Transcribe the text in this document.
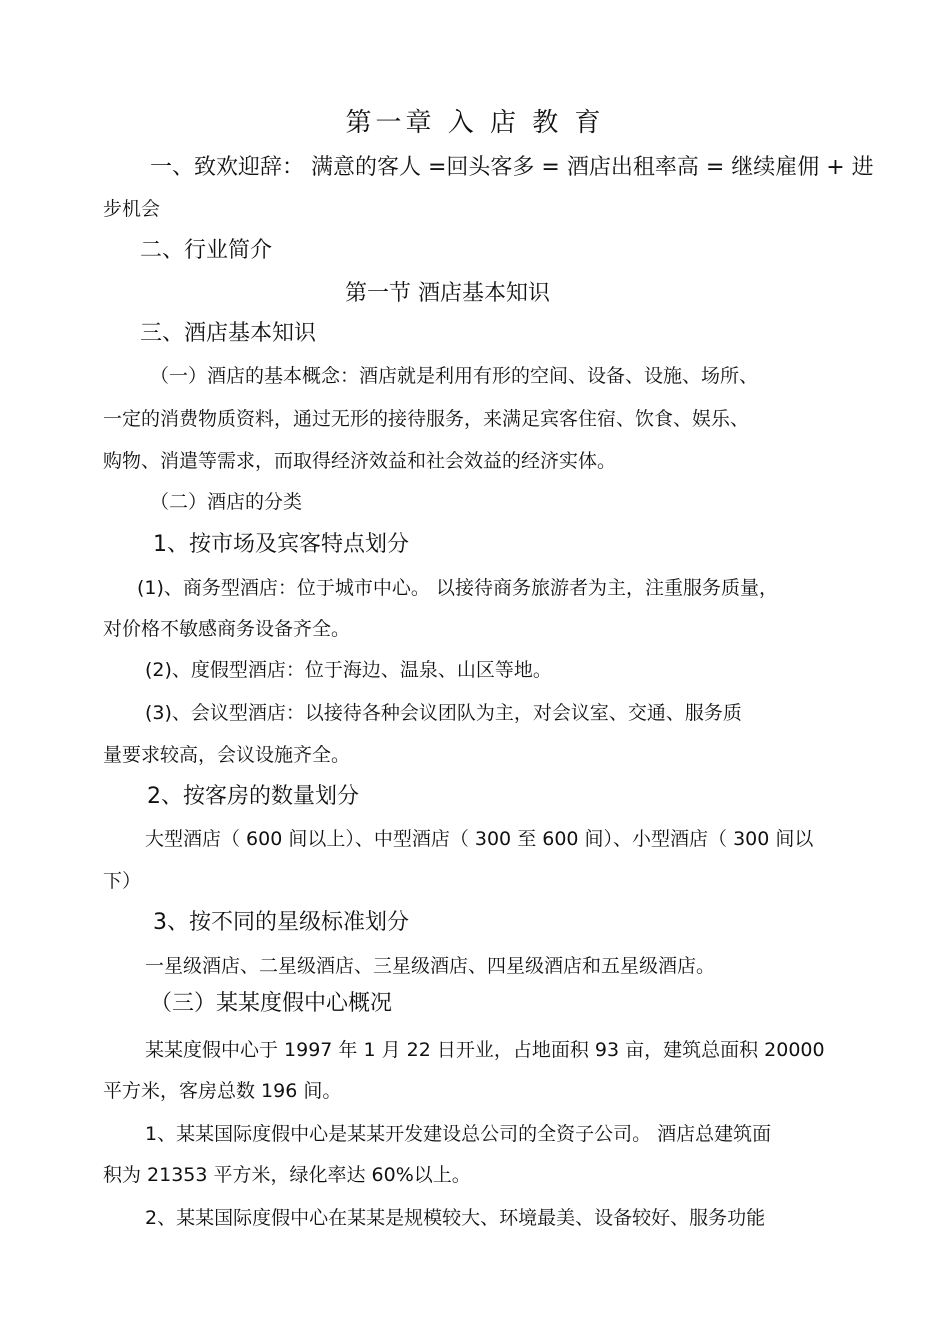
第一章 入 店 教 育
一、致欢迎辞： 满意的客人 =回头客多 = 酒店出租率高 = 继续雇佣 + 进
步机会
二、行业简介
第一节 酒店基本知识
三、酒店基本知识
（一）酒店的基本概念：酒店就是利用有形的空间、设备、设施、场所、
一定的消费物质资料，通过无形的接待服务，来满足宾客住宿、饮食、娱乐、
购物、消遣等需求，而取得经济效益和社会效益的经济实体。
（二）酒店的分类
1、按市场及宾客特点划分
(1)、商务型酒店：位于城市中心。 以接待商务旅游者为主，注重服务质量，
对价格不敏感商务设备齐全。
(2)、度假型酒店：位于海边、温泉、山区等地。
(3)、会议型酒店：以接待各种会议团队为主，对会议室、交通、服务质
量要求较高，会议设施齐全。
2、按客房的数量划分
大型酒店（ 600 间以上）、中型酒店（ 300 至 600 间）、小型酒店（ 300 间以
下）
3、按不同的星级标准划分
一星级酒店、二星级酒店、三星级酒店、四星级酒店和五星级酒店。
（三）某某度假中心概况
某某度假中心于 1997 年 1 月 22 日开业，占地面积 93 亩，建筑总面积 20000
平方米，客房总数 196 间。
1、某某国际度假中心是某某开发建设总公司的全资子公司。 酒店总建筑面
积为 21353 平方米，绿化率达 60%以上。
2、某某国际度假中心在某某是规模较大、环境最美、设备较好、服务功能
